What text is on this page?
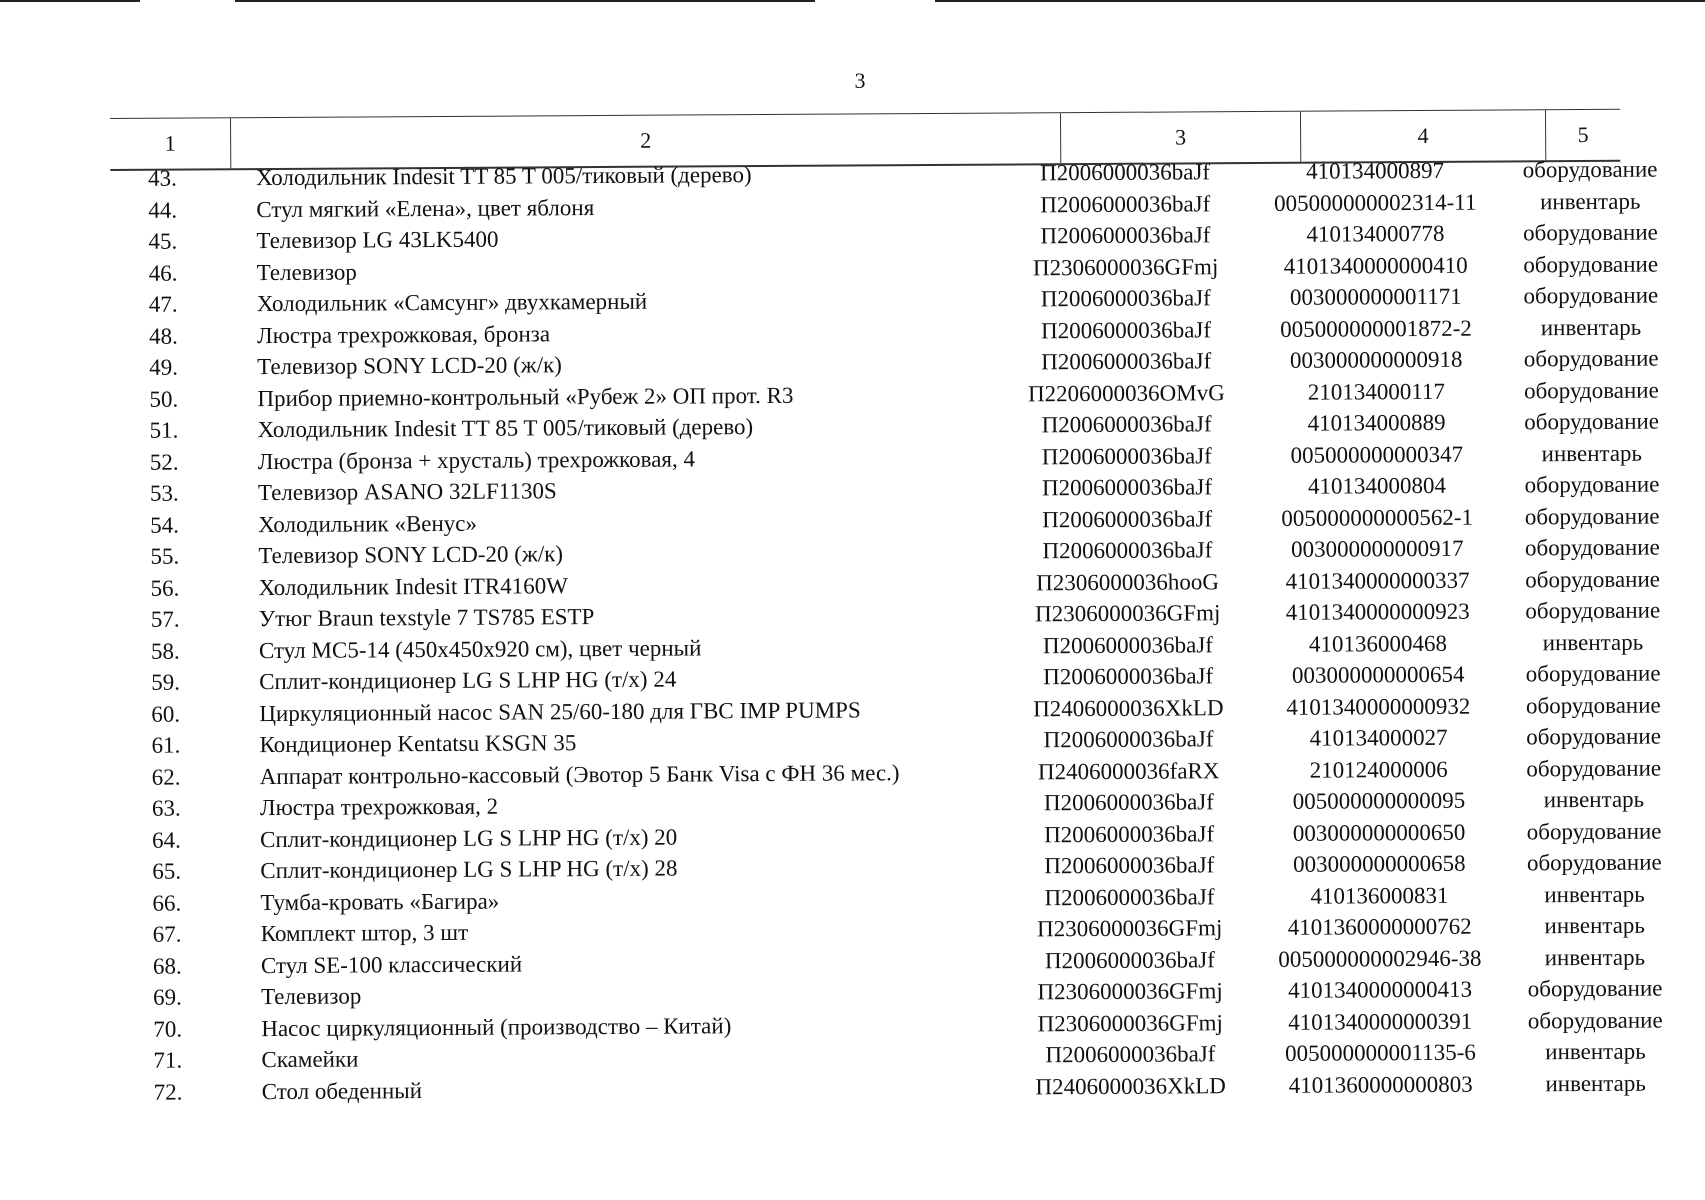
3
1	2	3	4	5
43.	Холодильник Indesit TT 85 T 005/тиковый (дерево)	П2006000036baJf	410134000897	оборудование
44.	Стул мягкий «Елена», цвет яблоня	П2006000036baJf	005000000002314-11	инвентарь
45.	Телевизор LG 43LK5400	П2006000036baJf	410134000778	оборудование
46.	Телевизор	П2306000036GFmj	4101340000000410	оборудование
47.	Холодильник «Самсунг» двухкамерный	П2006000036baJf	003000000001171	оборудование
48.	Люстра трехрожковая, бронза	П2006000036baJf	005000000001872-2	инвентарь
49.	Телевизор SONY LCD-20 (ж/к)	П2006000036baJf	003000000000918	оборудование
50.	Прибор приемно-контрольный «Рубеж 2» ОП прот. R3	П2206000036OMvG	210134000117	оборудование
51.	Холодильник Indesit TT 85 T 005/тиковый (дерево)	П2006000036baJf	410134000889	оборудование
52.	Люстра (бронза + хрусталь) трехрожковая, 4	П2006000036baJf	005000000000347	инвентарь
53.	Телевизор ASANO 32LF1130S	П2006000036baJf	410134000804	оборудование
54.	Холодильник «Венус»	П2006000036baJf	005000000000562-1	оборудование
55.	Телевизор SONY LCD-20 (ж/к)	П2006000036baJf	003000000000917	оборудование
56.	Холодильник Indesit ITR4160W	П2306000036hooG	4101340000000337	оборудование
57.	Утюг Braun texstyle 7 TS785 ESTP	П2306000036GFmj	4101340000000923	оборудование
58.	Стул МС5-14 (450х450х920 см), цвет черный	П2006000036baJf	410136000468	инвентарь
59.	Сплит-кондиционер LG S LHP HG (т/х) 24	П2006000036baJf	003000000000654	оборудование
60.	Циркуляционный насос SAN 25/60-180 для ГВС IMP PUMPS	П2406000036XkLD	4101340000000932	оборудование
61.	Кондиционер Kentatsu KSGN 35	П2006000036baJf	410134000027	оборудование
62.	Аппарат контрольно-кассовый (Эвотор 5 Банк Visa с ФН 36 мес.)	П2406000036faRX	210124000006	оборудование
63.	Люстра трехрожковая, 2	П2006000036baJf	005000000000095	инвентарь
64.	Сплит-кондиционер LG S LHP HG (т/х) 20	П2006000036baJf	003000000000650	оборудование
65.	Сплит-кондиционер LG S LHP HG (т/х) 28	П2006000036baJf	003000000000658	оборудование
66.	Тумба-кровать «Багира»	П2006000036baJf	410136000831	инвентарь
67.	Комплект штор, 3 шт	П2306000036GFmj	4101360000000762	инвентарь
68.	Стул SE-100 классический	П2006000036baJf	005000000002946-38	инвентарь
69.	Телевизор	П2306000036GFmj	4101340000000413	оборудование
70.	Насос циркуляционный (производство – Китай)	П2306000036GFmj	4101340000000391	оборудование
71.	Скамейки	П2006000036baJf	005000000001135-6	инвентарь
72.	Стол обеденный	П2406000036XkLD	4101360000000803	инвентарь
